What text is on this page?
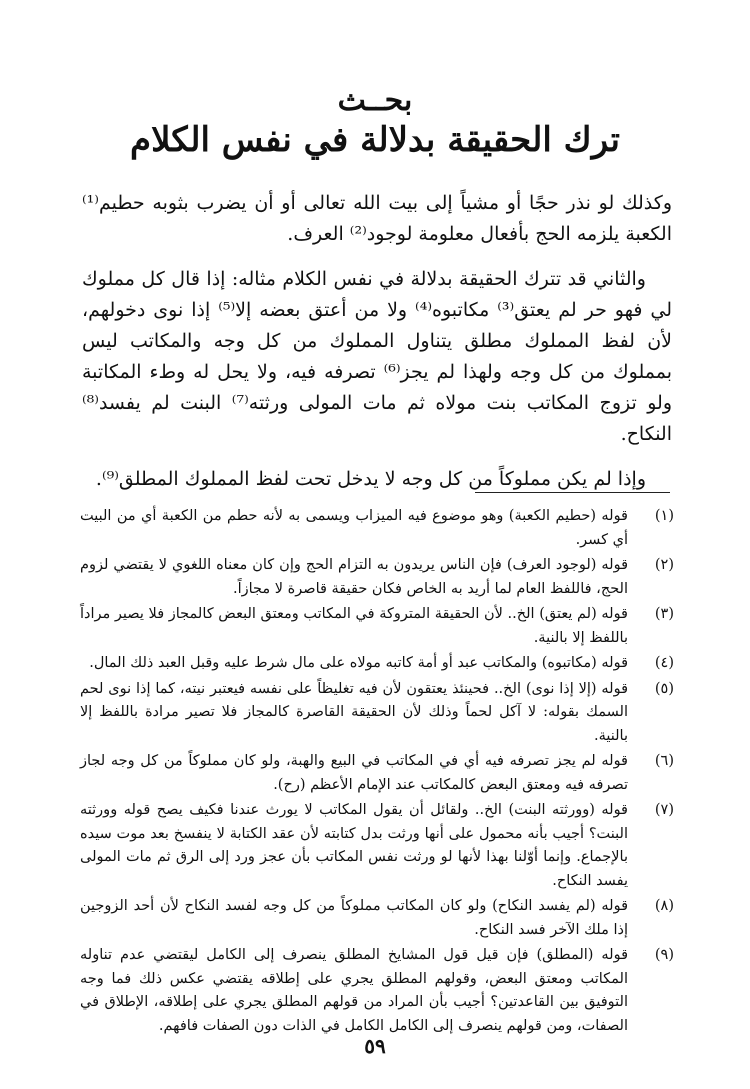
بحــث
ترك الحقيقة بدلالة في نفس الكلام

وكذلك لو نذر حجًا أو مشياً إلى بيت الله تعالى أو أن يضرب بثوبه حطيم⁽¹⁾ الكعبة يلزمه الحج بأفعال معلومة لوجود⁽²⁾ العرف.

والثاني قد تترك الحقيقة بدلالة في نفس الكلام مثاله: إذا قال كل مملوك لي فهو حر لم يعتق⁽³⁾ مكاتبوه⁽⁴⁾ ولا من أعتق بعضه إلا⁽⁵⁾ إذا نوى دخولهم، لأن لفظ المملوك مطلق يتناول المملوك من كل وجه والمكاتب ليس بمملوك من كل وجه ولهذا لم يجز⁽⁶⁾ تصرفه فيه، ولا يحل له وطء المكاتبة ولو تزوج المكاتب بنت مولاه ثم مات المولى ورثته⁽⁷⁾ البنت لم يفسد⁽⁸⁾ النكاح.

وإذا لم يكن مملوكاً من كل وجه لا يدخل تحت لفظ المملوك المطلق⁽⁹⁾.

(١)
قوله (حطيم الكعبة) وهو موضوع فيه الميزاب ويسمى به لأنه حطم من الكعبة أي من البيت أي كسر.
(٢)
قوله (لوجود العرف) فإن الناس يريدون به التزام الحج وإن كان معناه اللغوي لا يقتضي لزوم الحج، فاللفظ العام لما أريد به الخاص فكان حقيقة قاصرة لا مجازاً.
(٣)
قوله (لم يعتق) الخ.. لأن الحقيقة المتروكة في المكاتب ومعتق البعض كالمجاز فلا يصير مراداً باللفظ إلا بالنية.
(٤)
قوله (مكاتبوه) والمكاتب عبد أو أمة كاتبه مولاه على مال شرط عليه وقبل العبد ذلك المال.
(٥)
قوله (إلا إذا نوى) الخ.. فحينئذ يعتقون لأن فيه تغليظاً على نفسه فيعتبر نيته، كما إذا نوى لحم السمك بقوله: لا آكل لحماً وذلك لأن الحقيقة القاصرة كالمجاز فلا تصير مرادة باللفظ إلا بالنية.
(٦)
قوله لم يجز تصرفه فيه أي في المكاتب في البيع والهبة، ولو كان مملوكاً من كل وجه لجاز تصرفه فيه ومعتق البعض كالمكاتب عند الإمام الأعظم (رح).
(٧)
قوله (وورثته البنت) الخ.. ولقائل أن يقول المكاتب لا يورث عندنا فكيف يصح قوله وورثته البنت؟ أجيب بأنه محمول على أنها ورثت بدل كتابته لأن عقد الكتابة لا ينفسخ بعد موت سيده بالإجماع. وإنما أوّلنا بهذا لأنها لو ورثت نفس المكاتب بأن عجز ورد إلى الرق ثم مات المولى يفسد النكاح.
(٨)
قوله (لم يفسد النكاح) ولو كان المكاتب مملوكاً من كل وجه لفسد النكاح لأن أحد الزوجين إذا ملك الآخر فسد النكاح.
(٩)
قوله (المطلق) فإن قيل قول المشايخ المطلق ينصرف إلى الكامل ليقتضي عدم تناوله المكاتب ومعتق البعض، وقولهم المطلق يجري على إطلاقه يقتضي عكس ذلك فما وجه التوفيق بين القاعدتين؟ أجيب بأن المراد من قولهم المطلق يجري على إطلاقه، الإطلاق في الصفات، ومن قولهم ينصرف إلى الكامل الكامل في الذات دون الصفات فافهم.
٥٩
